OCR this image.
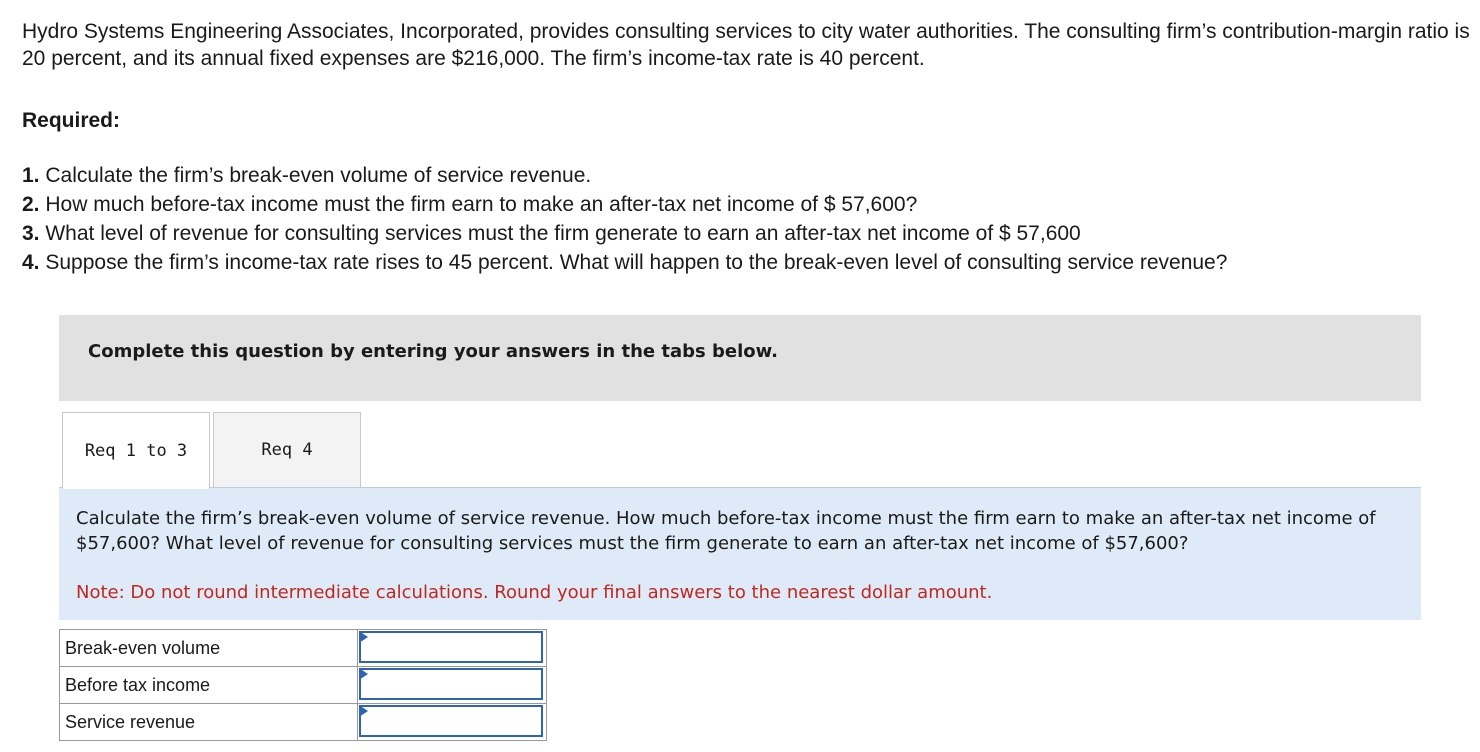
Hydro Systems Engineering Associates, Incorporated, provides consulting services to city water authorities. The consulting firm’s contribution-margin ratio is 20 percent, and its annual fixed expenses are $216,000. The firm’s income-tax rate is 40 percent.
Required:
1. Calculate the firm’s break-even volume of service revenue.
2. How much before-tax income must the firm earn to make an after-tax net income of $ 57,600?
3. What level of revenue for consulting services must the firm generate to earn an after-tax net income of $ 57,600
4. Suppose the firm’s income-tax rate rises to 45 percent. What will happen to the break-even level of consulting service revenue?
Complete this question by entering your answers in the tabs below.
Req 1 to 3	Req 4
Calculate the firm’s break-even volume of service revenue. How much before-tax income must the firm earn to make an after-tax net income of $57,600? What level of revenue for consulting services must the firm generate to earn an after-tax net income of $57,600?
Note: Do not round intermediate calculations. Round your final answers to the nearest dollar amount.
Break-even volume	

Before tax income	

Service revenue	
